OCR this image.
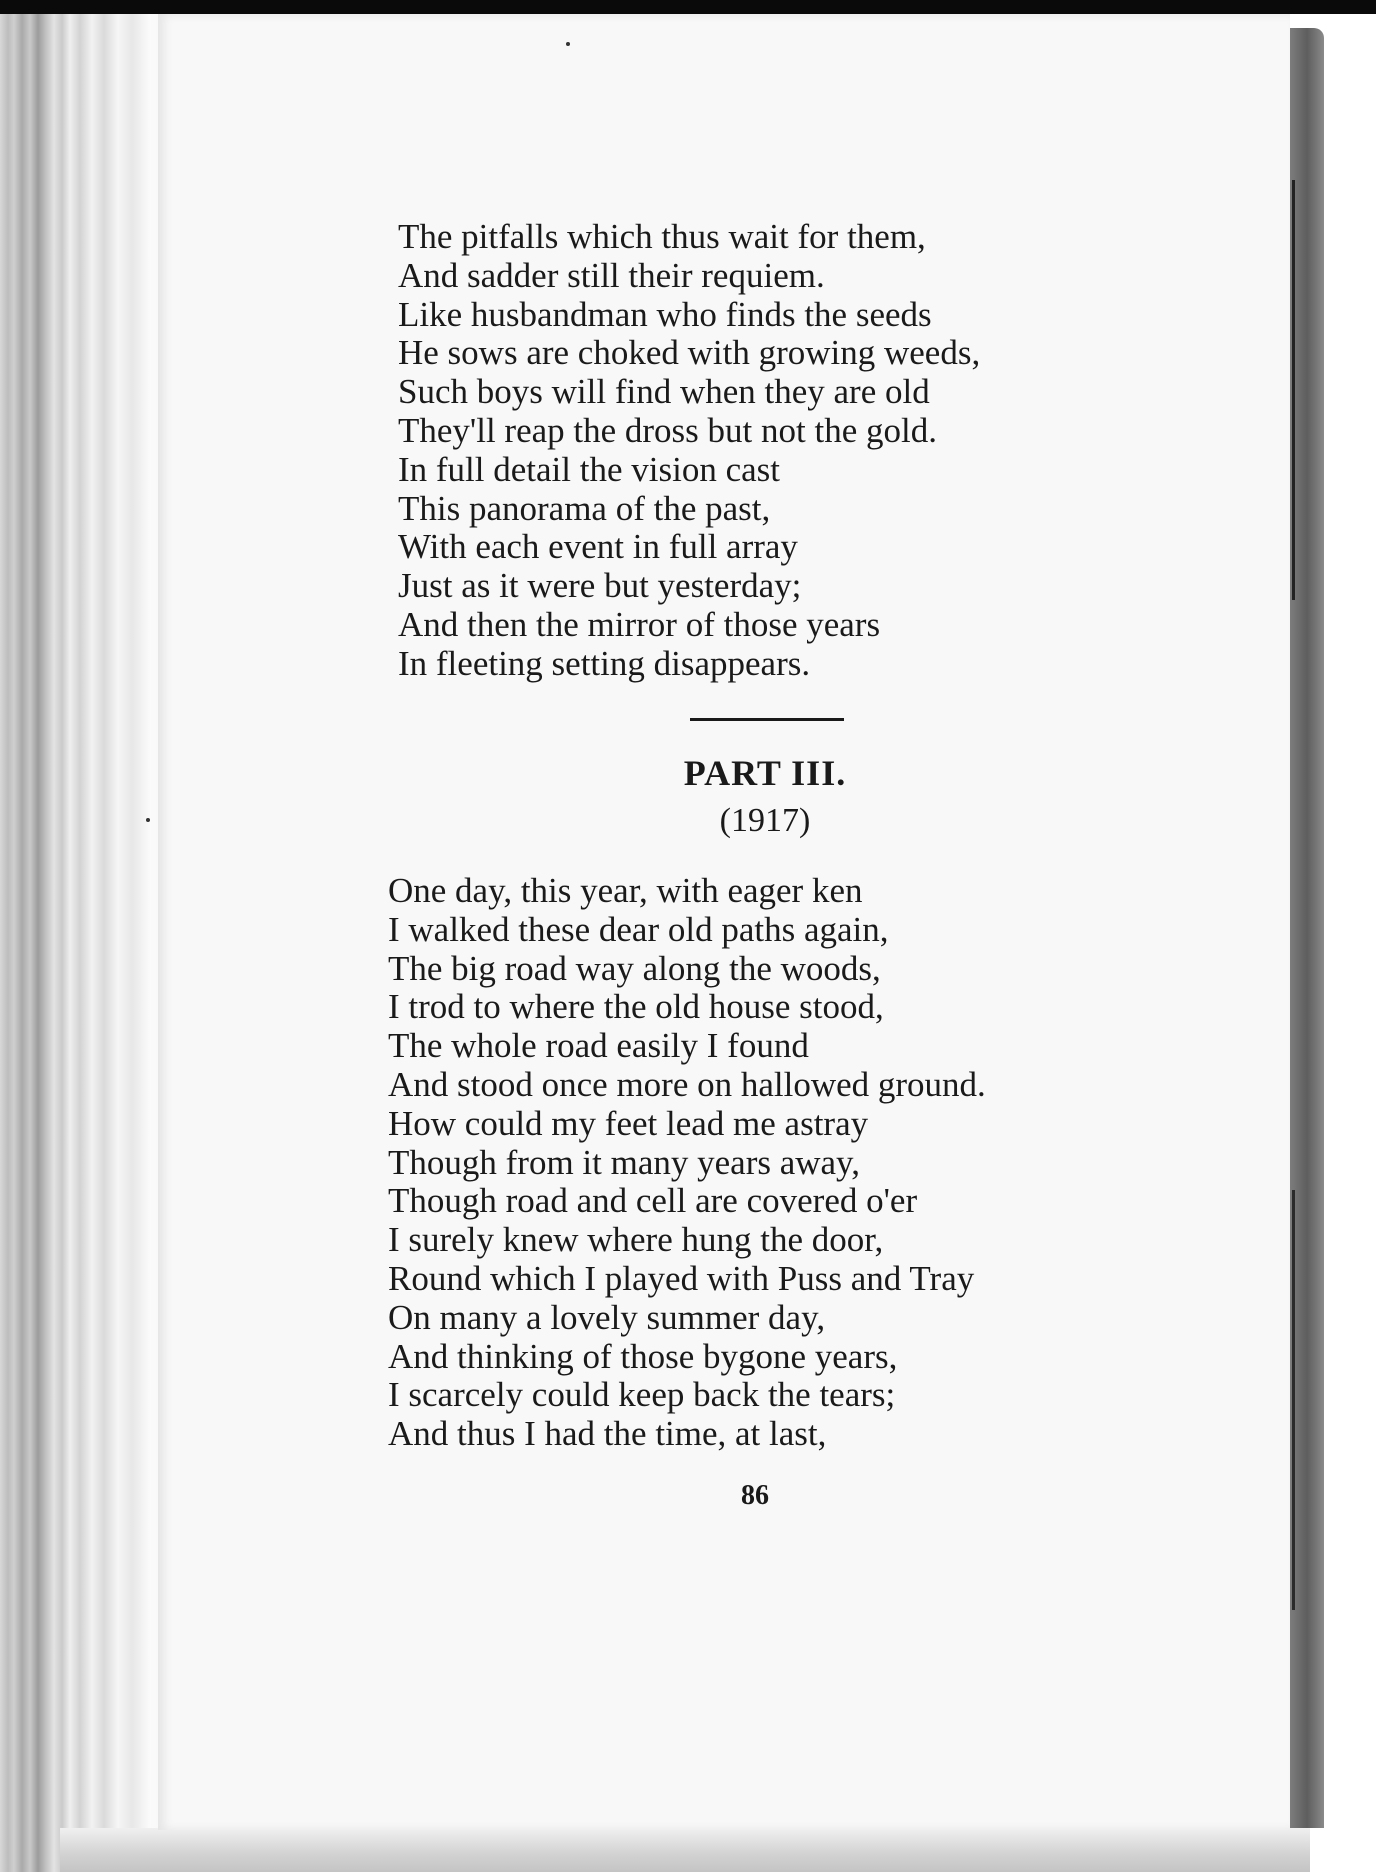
The pitfalls which thus wait for them,
And sadder still their requiem.
Like husbandman who finds the seeds
He sows are choked with growing weeds,
Such boys will find when they are old
They'll reap the dross but not the gold.
In full detail the vision cast
This panorama of the past,
With each event in full array
Just as it were but yesterday;
And then the mirror of those years
In fleeting setting disappears.
PART III.
(1917)
One day, this year, with eager ken
I walked these dear old paths again,
The big road way along the woods,
I trod to where the old house stood,
The whole road easily I found
And stood once more on hallowed ground.
How could my feet lead me astray
Though from it many years away,
Though road and cell are covered o'er
I surely knew where hung the door,
Round which I played with Puss and Tray
On many a lovely summer day,
And thinking of those bygone years,
I scarcely could keep back the tears;
And thus I had the time, at last,
86
